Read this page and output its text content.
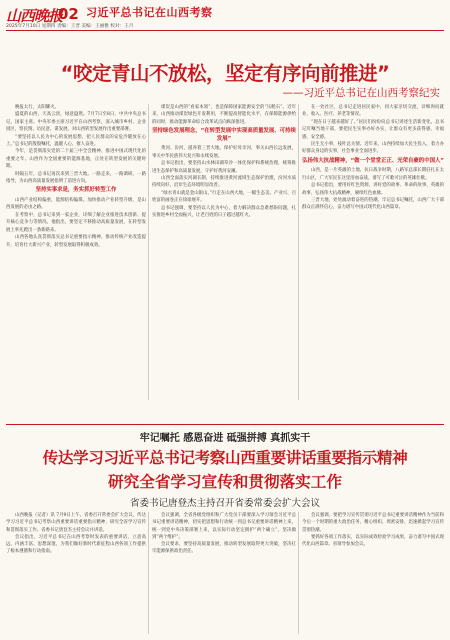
山西晚报
02 习近平总书记在山西考察
2025年7月10日 星期四 责编：王晋 美编：王丽雅 校对：王月
“咬定青山不放松，坚定有序向前推进”
——习近平总书记在山西考察纪实

晚报太行，太阳耀火。

盛夏的山西，天高云淡，绿意盎然。7月7日至8日，中共中央总书记、国家主席、中央军委主席习近平在山西考察，深入城市乡村、企业园区，察民情、访民意、谋发展，对山西转型发展作出重要部署。

“要坚持以人民为中心的发展思想，把人民群众的安危冷暖放在心上。”总书记的殷殷嘱托，温暖人心、催人奋进。

今年，是贯彻落实党的二十届三中全会精神、推进中国式现代化的重要之年。山西作为全国重要的能源基地，正处在转型发展的关键时期。

时隔五年，总书记再次来到三晋大地。一路走来，一路调研，一路指导，为山西高质量发展指明了前进方向。

坚持实事求是，务实抓好转型工作

山西产业结构偏重，能源结构偏煤。加快推动产业转型升级，是山西发展的必由之路。

在考察中，总书记来到一家企业，详细了解企业推进技术创新、提升核心竞争力等情况。他指出，要坚定不移推动高质量发展，在转型发展上率先蹚出一条新路来。

山西各地认真贯彻落实总书记重要指示精神，推动传统产业改造提升，培育壮大新兴产业，转型发展取得积极成效。

煤炭是山西的“看家本领”，也是保障国家能源安全的“压舱石”。近年来，山西推动煤炭绿色开发利用，不断提高智能化水平，在保障能源供给的同时，推动能源革命综合改革试点向纵深推进。

坚持绿色发展理念，“在转型发展中实现高质量发展、可持续发展”

黄河、汾河，滋养着三晋大地。保护好母亲河，事关山西长远发展，事关中华民族伟大复兴和永续发展。

总书记指出，要坚持山水林田湖草沙一体化保护和系统治理，统筹推进生态保护和高质量发展，守护好黄河安澜。

山西全面落实河湖长制，持续推进黄河流域生态保护治理，汾河水质持续向好，沿岸生态环境明显改善。

“绿水青山就是金山银山。”行走在山西大地，一幅生态美、产业兴、百姓富的画卷正在徐徐展开。

总书记强调，要坚持以人民为中心，着力解决群众急难愁盼问题，扎实推进乡村全面振兴，让老百姓的日子越过越红火。

在一处社区，总书记走进居民家中，同大家亲切交流，详细询问就业、收入、医疗、养老等情况。

“现在日子越来越好了。”居民们纷纷向总书记讲述生活新变化。总书记叮嘱当地干部，要把民生实事办好办实，让群众有更多获得感、幸福感、安全感。

民生无小事，枝叶总关情。近年来，山西持续加大民生投入，着力办好群众身边的实事，社会事业全面进步。

弘扬伟大抗战精神，“做一个堂堂正正、光荣自豪的中国人”

山西，是一片英雄的土地。抗日战争时期，八路军总部长期驻扎在太行山区，广大军民在这里浴血奋战，谱写了可歌可泣的英雄壮歌。

总书记指出，要用好红色资源，讲好党的故事、革命的故事、英雄的故事，弘扬伟大抗战精神，赓续红色血脉。

三晋大地，处处涌动着奋进的热潮。牢记总书记嘱托，山西广大干部群众正满怀信心，奋力谱写中国式现代化山西篇章。

牢记嘱托 感恩奋进 砥强拼搏 真抓实干
传达学习习近平总书记考察山西重要讲话重要指示精神
研究全省学习宣传和贯彻落实工作
省委书记唐登杰主持召开省委常委会扩大会议

山西晚报（记者）讯 7月9日上午，省委召开常委会扩大会议，传达学习习近平总书记考察山西重要讲话重要指示精神，研究全省学习宣传和贯彻落实工作。省委书记唐登杰主持会议并讲话。

会议指出，习近平总书记在山西考察时发表的重要讲话，立意高远、内涵丰富、思想深邃，为我们做好新时代新征程山西各项工作提供了根本遵循和行动指南。

会议强调，全省各级党组织和广大党员干部要深入学习领会习近平总书记重要讲话精神，切实把思想和行动统一到总书记重要讲话精神上来，统一到党中央决策部署上来，以实际行动坚定拥护“两个确立”、坚决做到“两个维护”。

会议要求，要坚持高质量发展，推动转型发展取得更大突破，坚决扛牢能源保供政治责任。

会议强调，要把学习宣传贯彻习近平总书记重要讲话精神作为当前和今后一个时期的重大政治任务，精心组织、周密安排，迅速掀起学习宣传贯彻热潮。

要抓好各项工作落实，以实际成效检验学习成果，奋力谱写中国式现代化山西篇章。省领导参加会议。
